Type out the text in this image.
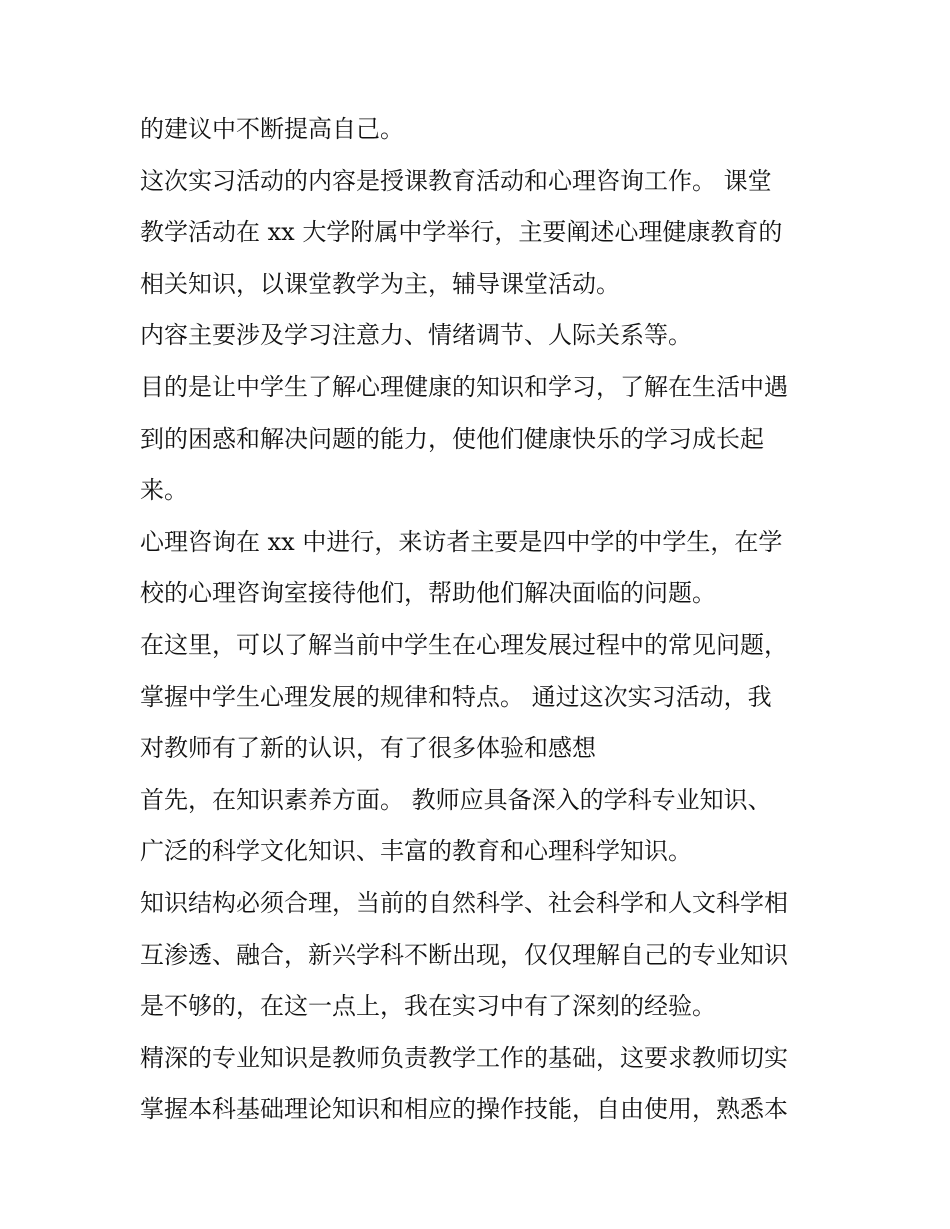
的建议中不断提高自己。

这次实习活动的内容是授课教育活动和心理咨询工作。 课堂

教学活动在 xx 大学附属中学举行，主要阐述心理健康教育的

相关知识，以课堂教学为主，辅导课堂活动。

内容主要涉及学习注意力、情绪调节、人际关系等。

目的是让中学生了解心理健康的知识和学习，了解在生活中遇

到的困惑和解决问题的能力，使他们健康快乐的学习成长起

来。

心理咨询在 xx 中进行，来访者主要是四中学的中学生，在学

校的心理咨询室接待他们，帮助他们解决面临的问题。

在这里，可以了解当前中学生在心理发展过程中的常见问题，

掌握中学生心理发展的规律和特点。 通过这次实习活动，我

对教师有了新的认识，有了很多体验和感想

首先，在知识素养方面。 教师应具备深入的学科专业知识、

广泛的科学文化知识、丰富的教育和心理科学知识。

知识结构必须合理，当前的自然科学、社会科学和人文科学相

互渗透、融合，新兴学科不断出现，仅仅理解自己的专业知识

是不够的，在这一点上，我在实习中有了深刻的经验。

精深的专业知识是教师负责教学工作的基础，这要求教师切实

掌握本科基础理论知识和相应的操作技能，自由使用，熟悉本
